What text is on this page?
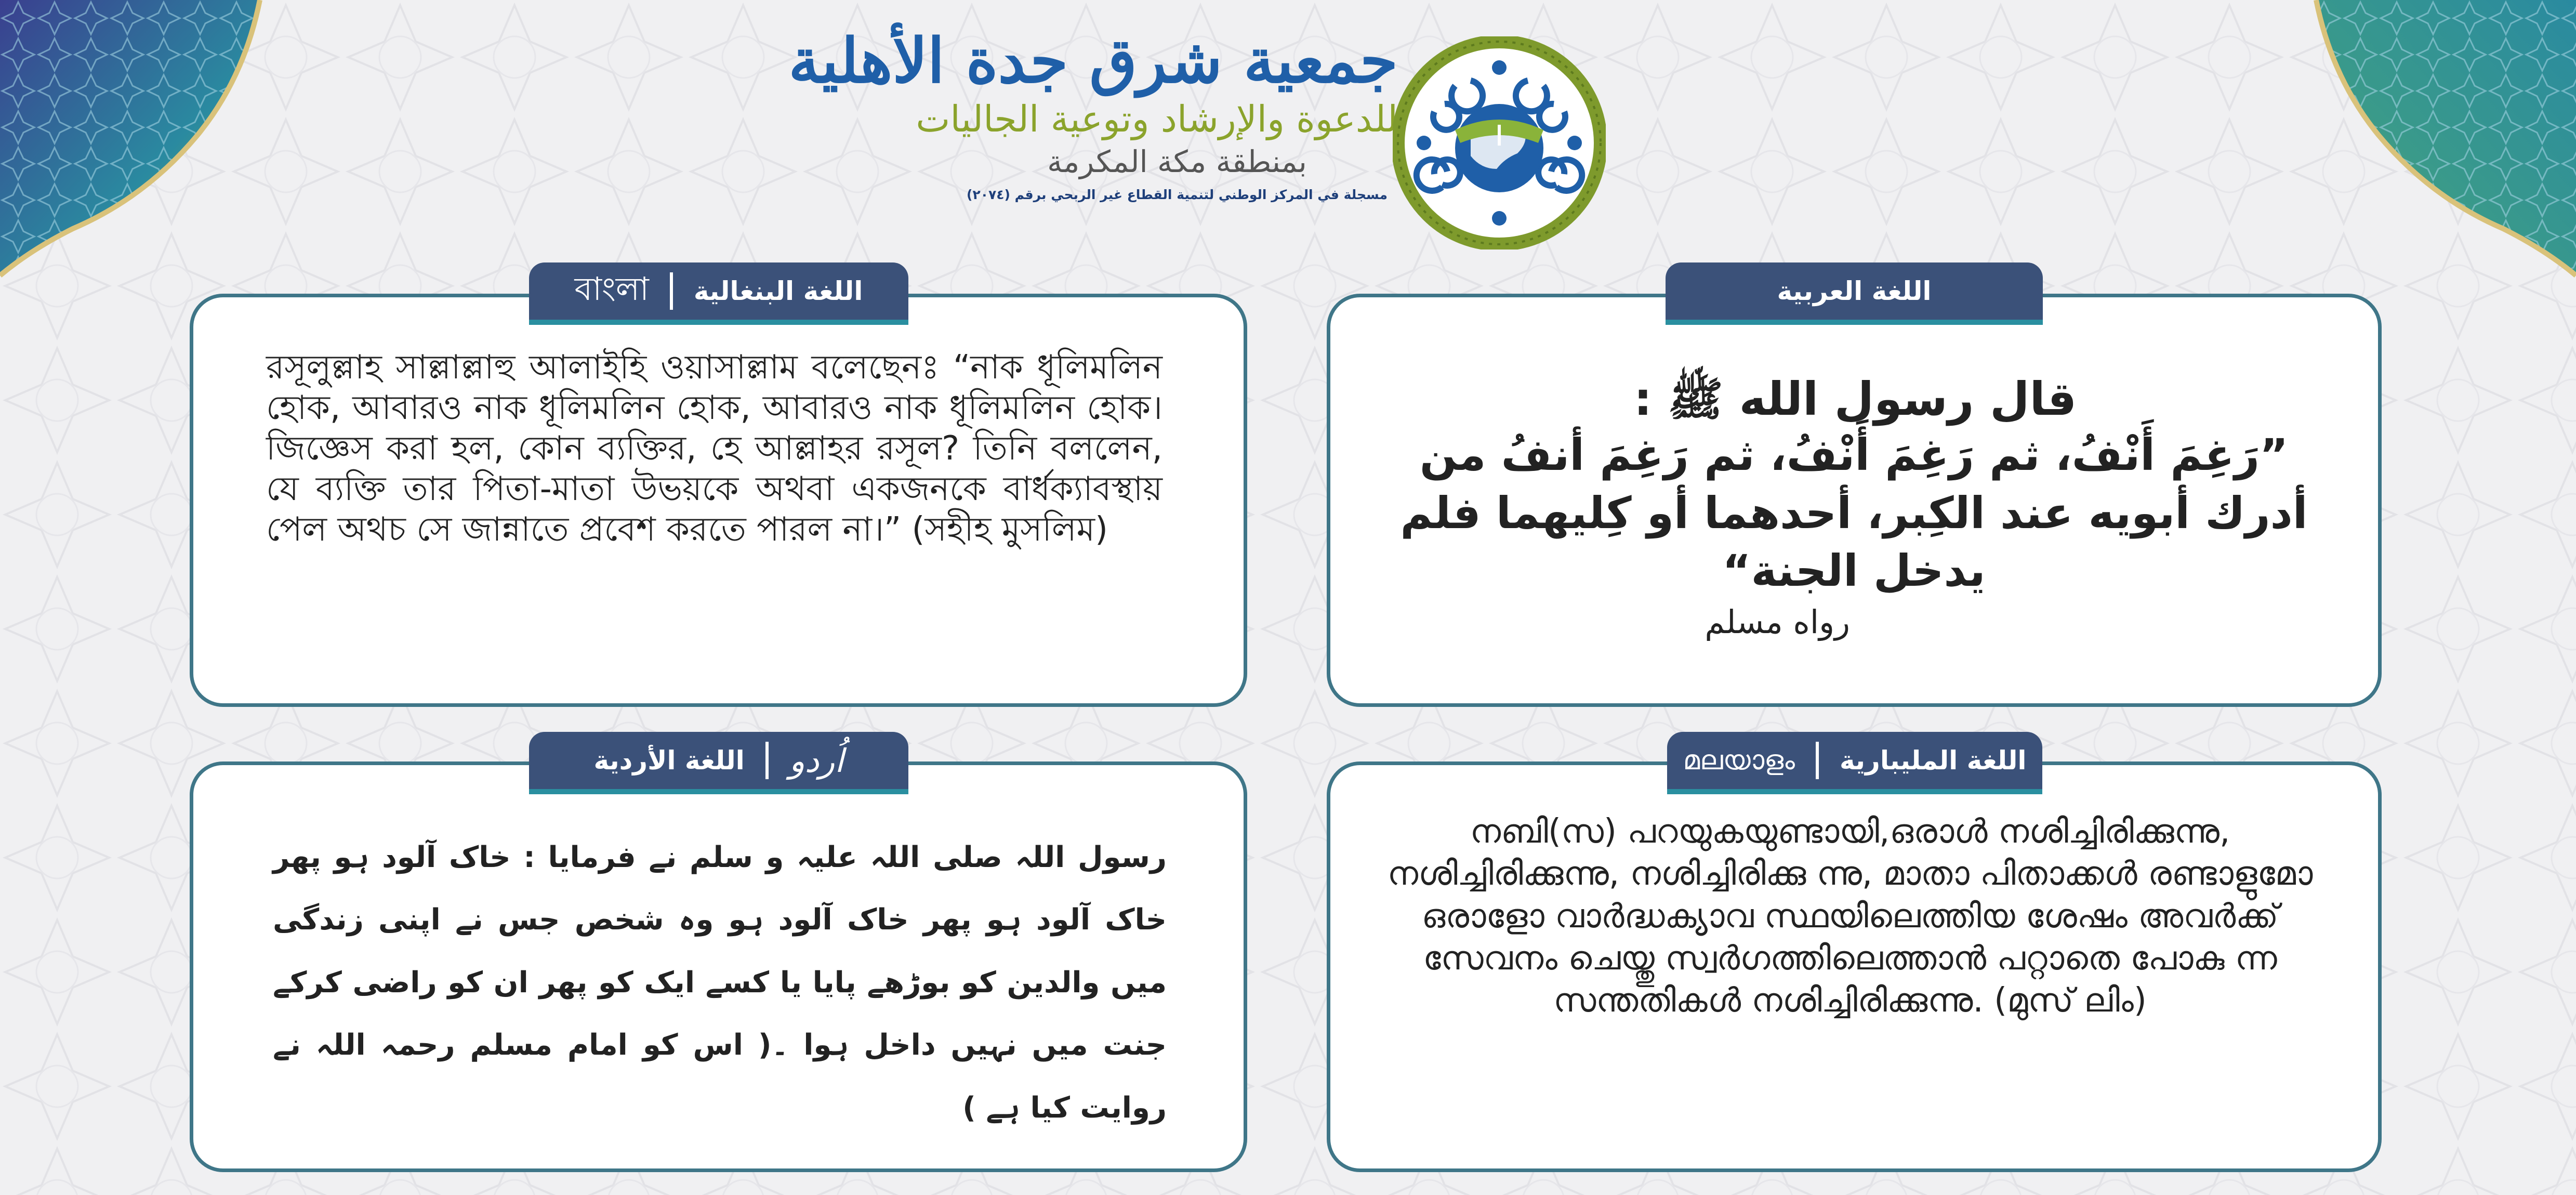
جمعية شرق جدة الأهلية
للدعوة والإرشاد وتوعية الجاليات
بمنطقة مكة المكرمة
مسجلة في المركز الوطني لتنمية القطاع غير الربحي برقم (٢٠٧٤)
اللغة العربية
قال رسول الله ﷺ :
”رَغِمَ أَنْفُ، ثم رَغِمَ أَنْفُ، ثم رَغِمَ أنفُ من أدرك أبويه عند الكِبر، أحدهما أو كِليهما فلم يدخل الجنة“
رواه مسلم
বাংলা اللغة البنغالية
রসূলুল্লাহ সাল্লাল্লাহু আলাইহি ওয়াসাল্লাম বলেছেনঃ “নাক ধূলিমলিন হোক, আবারও নাক ধূলিমলিন হোক, আবারও নাক ধূলিমলিন হোক। জিজ্ঞেস করা হল, কোন ব্যক্তির, হে আল্লাহর রসূল? তিনি বললেন, যে ব্যক্তি তার পিতা-মাতা উভয়কে অথবা একজনকে বার্ধক্যাবস্থায় পেল অথচ সে জান্নাতে প্রবেশ করতে পারল না।” (সহীহ মুসলিম)
മലയാളം اللغة المليبارية
നബി(സ) പറയുകയുണ്ടായി,ഒരാൾ നശിച്ചിരിക്കുന്നു, നശിച്ചിരിക്കുന്നു, നശിച്ചിരിക്കു ന്നു, മാതാ പിതാക്കൾ രണ്ടാളുമോ ഒരാളോ വാർദ്ധക്യാവ സ്ഥയിലെത്തിയ ശേഷം അവർക്ക് സേവനം ചെയ്തു സ്വർഗത്തിലെത്താൻ പറ്റാതെ പോകു ന്ന സന്തതികൾ നശിച്ചിരിക്കുന്നു. (മുസ് ലിം)
اللغة الأردية اُردو
رسول اللہ صلی اللہ علیہ و سلم نے فرمایا : خاک آلود ہو پھر خاک آلود ہو پھر خاک آلود ہو وہ شخص جس نے اپنی زندگی میں والدین کو بوڑھے پایا یا کسے ایک کو پھر ان کو راضی کرکے جنت میں نہیں داخل ہوا ۔( اس کو امام مسلم رحمہ اللہ نے روایت کیا ہے )
